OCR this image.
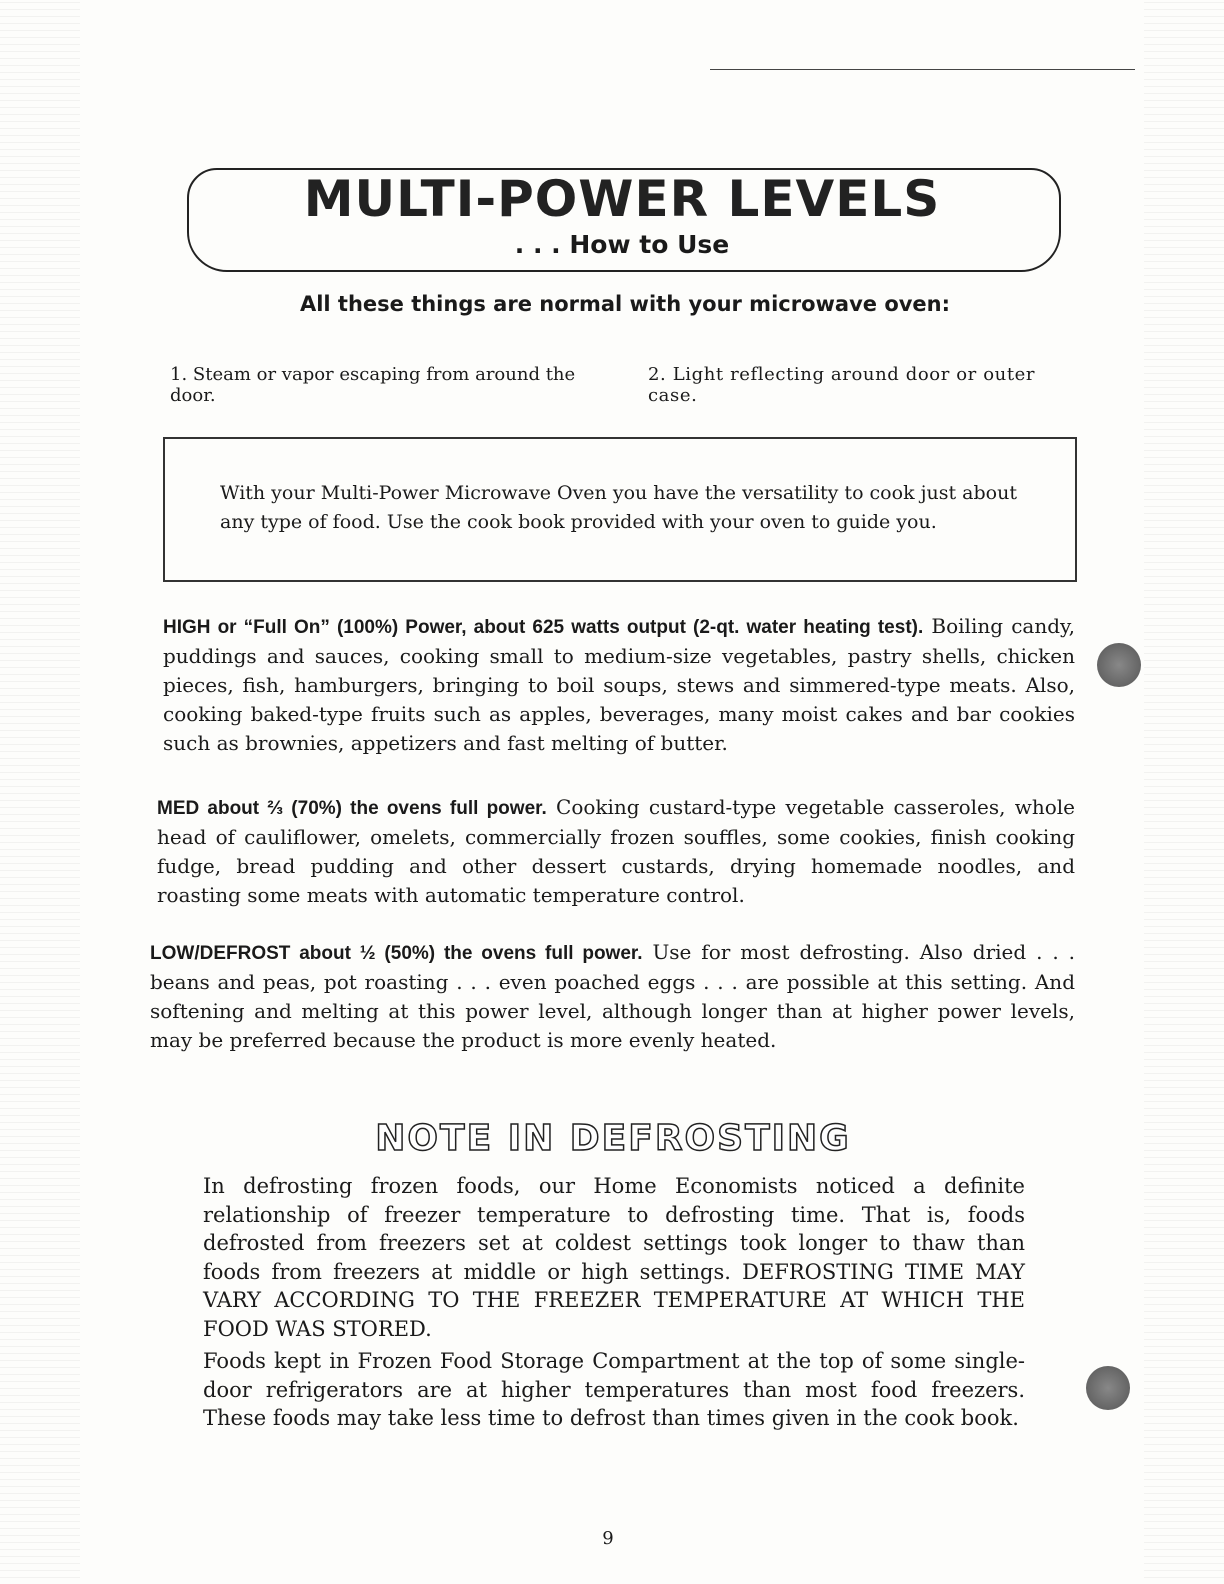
MULTI-POWER LEVELS
. . . How to Use
All these things are normal with your microwave oven:
1. Steam or vapor escaping from around the door.
2. Light reflecting around door or outer case.
With your Multi-Power Microwave Oven you have the versatility to cook just about any type of food. Use the cook book provided with your oven to guide you.
HIGH or “Full On” (100%) Power, about 625 watts output (2-qt. water heating test). Boiling candy, puddings and sauces, cooking small to medium-size vegetables, pastry shells, chicken pieces, fish, hamburgers, bringing to boil soups, stews and simmered-type meats. Also, cooking baked-type fruits such as apples, beverages, many moist cakes and bar cookies such as brownies, appetizers and fast melting of butter.
MED about ⅔ (70%) the ovens full power. Cooking custard-type vegetable casseroles, whole head of cauliflower, omelets, commercially frozen souffles, some cookies, finish cooking fudge, bread pudding and other dessert custards, drying homemade noodles, and roasting some meats with automatic temperature control.
LOW/DEFROST about ½ (50%) the ovens full power. Use for most defrosting. Also dried . . . beans and peas, pot roasting . . . even poached eggs . . . are possible at this setting. And softening and melting at this power level, although longer than at higher power levels, may be preferred because the product is more evenly heated.
NOTE IN DEFROSTING
In defrosting frozen foods, our Home Economists noticed a definite relationship of freezer temperature to defrosting time. That is, foods defrosted from freezers set at coldest settings took longer to thaw than foods from freezers at middle or high settings. DEFROSTING TIME MAY VARY ACCORDING TO THE FREEZER TEMPERATURE AT WHICH THE FOOD WAS STORED.
Foods kept in Frozen Food Storage Compartment at the top of some single-door refrigerators are at higher temperatures than most food freezers. These foods may take less time to defrost than times given in the cook book.
9
